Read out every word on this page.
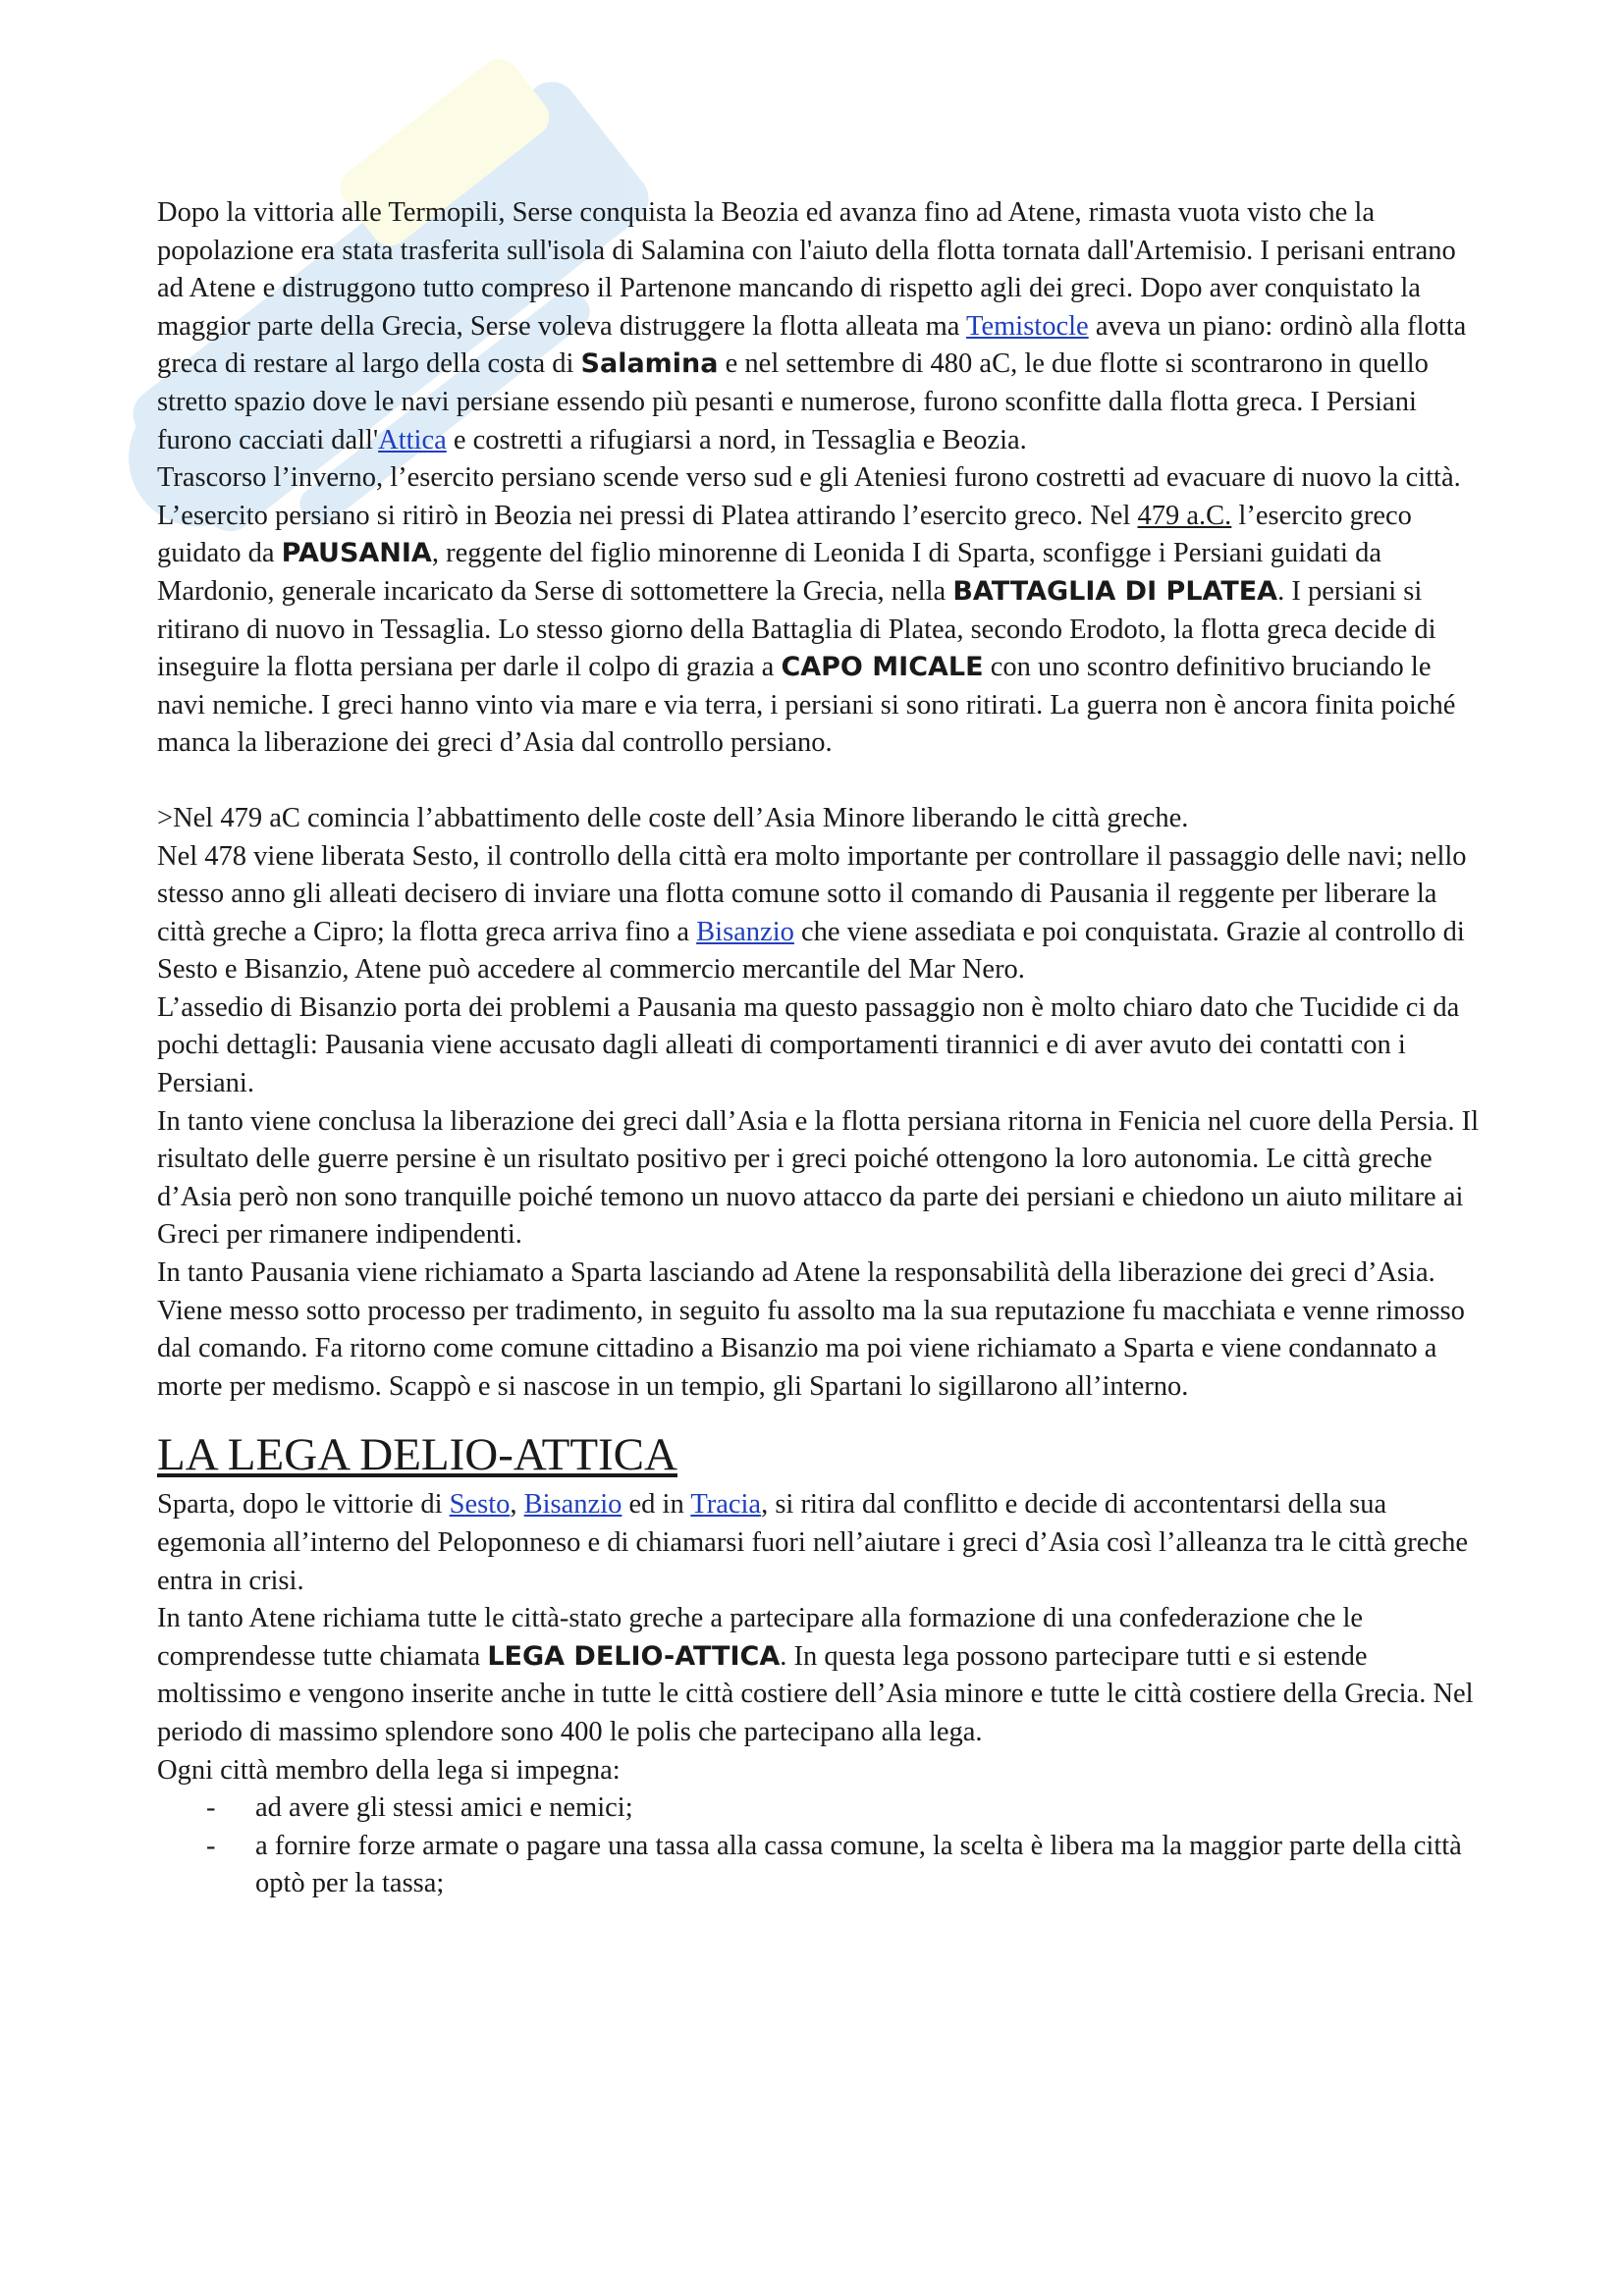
Dopo la vittoria alle Termopili, Serse conquista la Beozia ed avanza fino ad Atene, rimasta vuota visto che la popolazione era stata trasferita sull'isola di Salamina con l'aiuto della flotta tornata dall'Artemisio. I perisani entrano ad Atene e distruggono tutto compreso il Partenone mancando di rispetto agli dei greci. Dopo aver conquistato la maggior parte della Grecia, Serse voleva distruggere la flotta alleata ma Temistocle aveva un piano: ordinò alla flotta greca di restare al largo della costa di Salamina e nel settembre di 480 aC, le due flotte si scontrarono in quello stretto spazio dove le navi persiane essendo più pesanti e numerose, furono sconfitte dalla flotta greca. I Persiani furono cacciati dall'Attica e costretti a rifugiarsi a nord, in Tessaglia e Beozia.

Trascorso l’inverno, l’esercito persiano scende verso sud e gli Ateniesi furono costretti ad evacuare di nuovo la città. L’esercito persiano si ritirò in Beozia nei pressi di Platea attirando l’esercito greco. Nel 479 a.C. l’esercito greco guidato da PAUSANIA, reggente del figlio minorenne di Leonida I di Sparta, sconfigge i Persiani guidati da Mardonio, generale incaricato da Serse di sottomettere la Grecia, nella BATTAGLIA DI PLATEA. I persiani si ritirano di nuovo in Tessaglia. Lo stesso giorno della Battaglia di Platea, secondo Erodoto, la flotta greca decide di inseguire la flotta persiana per darle il colpo di grazia a CAPO MICALE con uno scontro definitivo bruciando le navi nemiche. I greci hanno vinto via mare e via terra, i persiani si sono ritirati. La guerra non è ancora finita poiché manca la liberazione dei greci d’Asia dal controllo persiano.

>Nel 479 aC comincia l’abbattimento delle coste dell’Asia Minore liberando le città greche.

Nel 478 viene liberata Sesto, il controllo della città era molto importante per controllare il passaggio delle navi; nello stesso anno gli alleati decisero di inviare una flotta comune sotto il comando di Pausania il reggente per liberare la città greche a Cipro; la flotta greca arriva fino a Bisanzio che viene assediata e poi conquistata. Grazie al controllo di Sesto e Bisanzio, Atene può accedere al commercio mercantile del Mar Nero.

L’assedio di Bisanzio porta dei problemi a Pausania ma questo passaggio non è molto chiaro dato che Tucidide ci da pochi dettagli: Pausania viene accusato dagli alleati di comportamenti tirannici e di aver avuto dei contatti con i Persiani.

In tanto viene conclusa la liberazione dei greci dall’Asia e la flotta persiana ritorna in Fenicia nel cuore della Persia. Il risultato delle guerre persine è un risultato positivo per i greci poiché ottengono la loro autonomia. Le città greche d’Asia però non sono tranquille poiché temono un nuovo attacco da parte dei persiani e chiedono un aiuto militare ai Greci per rimanere indipendenti.

In tanto Pausania viene richiamato a Sparta lasciando ad Atene la responsabilità della liberazione dei greci d’Asia. Viene messo sotto processo per tradimento, in seguito fu assolto ma la sua reputazione fu macchiata e venne rimosso dal comando. Fa ritorno come comune cittadino a Bisanzio ma poi viene richiamato a Sparta e viene condannato a morte per medismo. Scappò e si nascose in un tempio, gli Spartani lo sigillarono all’interno.

LA LEGA DELIO-ATTICA

Sparta, dopo le vittorie di Sesto, Bisanzio ed in Tracia, si ritira dal conflitto e decide di accontentarsi della sua egemonia all’interno del Peloponneso e di chiamarsi fuori nell’aiutare i greci d’Asia così l’alleanza tra le città greche entra in crisi.

In tanto Atene richiama tutte le città-stato greche a partecipare alla formazione di una confederazione che le comprendesse tutte chiamata LEGA DELIO-ATTICA. In questa lega possono partecipare tutti e si estende moltissimo e vengono inserite anche in tutte le città costiere dell’Asia minore e tutte le città costiere della Grecia. Nel periodo di massimo splendore sono 400 le polis che partecipano alla lega.

Ogni città membro della lega si impegna:

- ad avere gli stessi amici e nemici;
- a fornire forze armate o pagare una tassa alla cassa comune, la scelta è libera ma la maggior parte della città optò per la tassa;
